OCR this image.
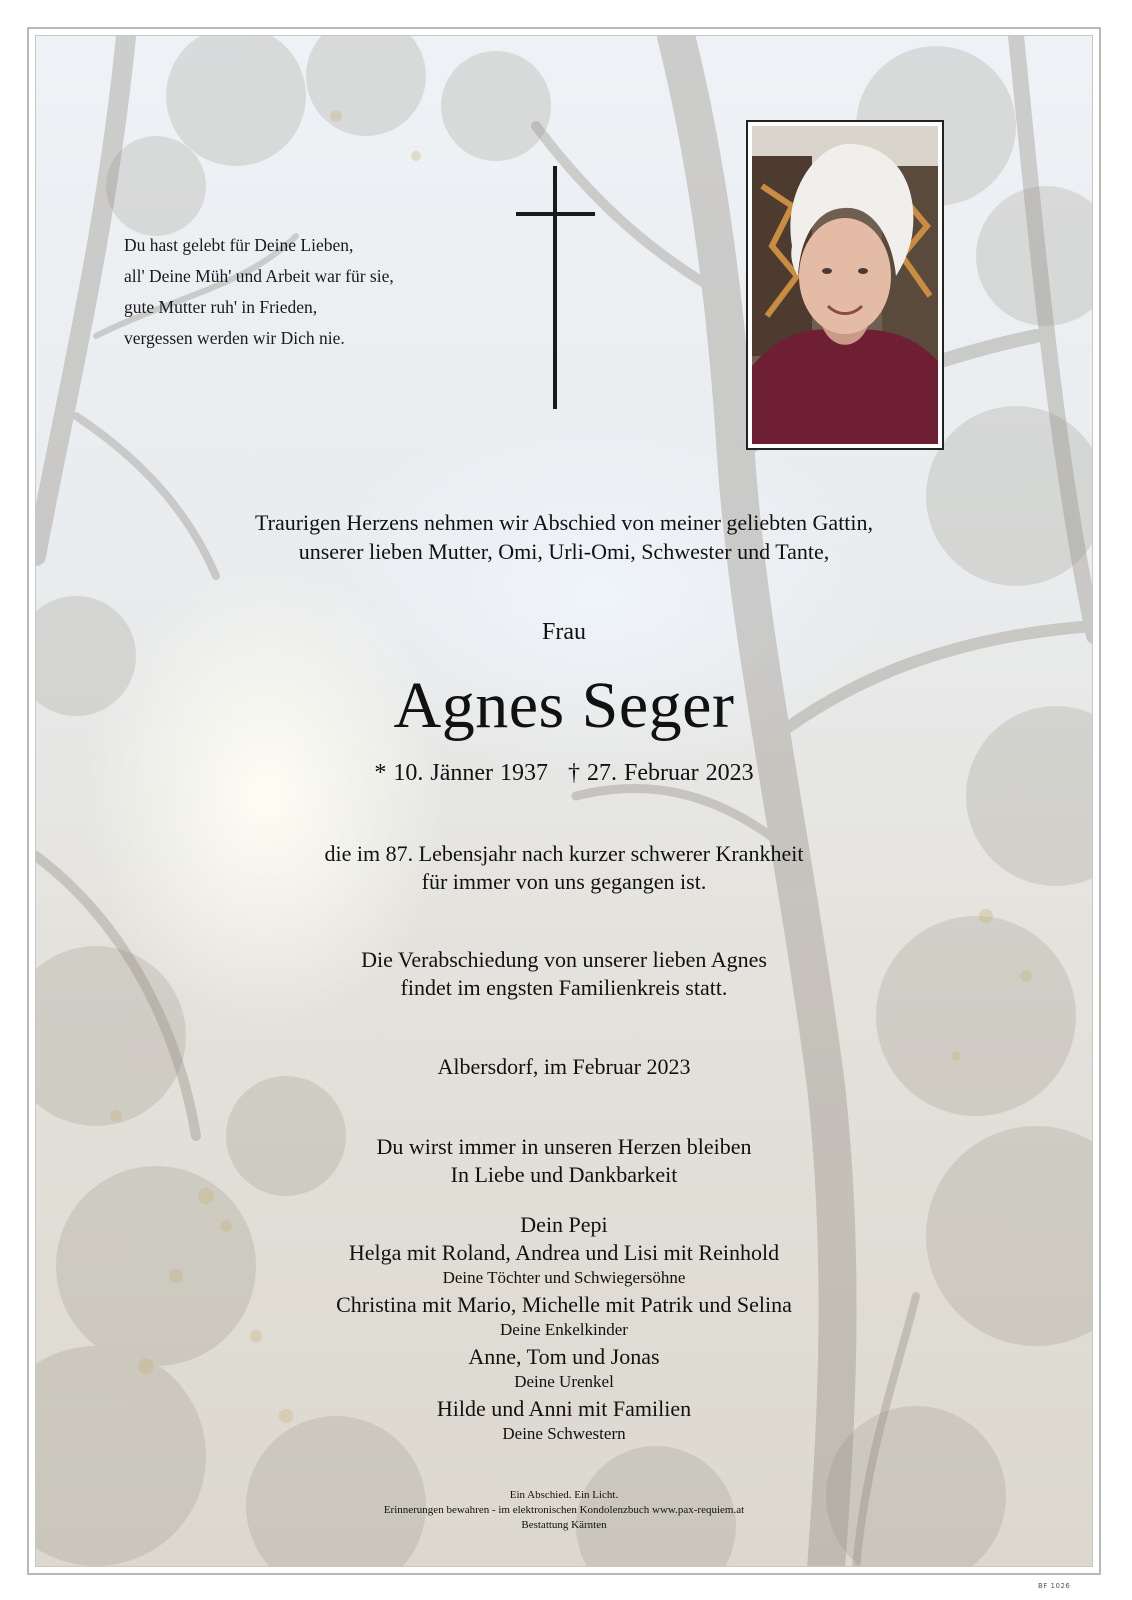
Du hast gelebt für Deine Lieben,
all' Deine Müh' und Arbeit war für sie,
gute Mutter ruh' in Frieden,
vergessen werden wir Dich nie.
Traurigen Herzens nehmen wir Abschied von meiner geliebten Gattin,
unserer lieben Mutter, Omi, Urli-Omi, Schwester und Tante,
Frau
Agnes Seger
* 10. Jänner 1937 † 27. Februar 2023
die im 87. Lebensjahr nach kurzer schwerer Krankheit
für immer von uns gegangen ist.
Die Verabschiedung von unserer lieben Agnes
findet im engsten Familienkreis statt.
Albersdorf, im Februar 2023
Du wirst immer in unseren Herzen bleiben
In Liebe und Dankbarkeit
Dein Pepi
Helga mit Roland, Andrea und Lisi mit Reinhold
Deine Töchter und Schwiegersöhne
Christina mit Mario, Michelle mit Patrik und Selina
Deine Enkelkinder
Anne, Tom und Jonas
Deine Urenkel
Hilde und Anni mit Familien
Deine Schwestern
Ein Abschied. Ein Licht.
Erinnerungen bewahren - im elektronischen Kondolenzbuch www.pax-requiem.at
Bestattung Kärnten
BF 1026
